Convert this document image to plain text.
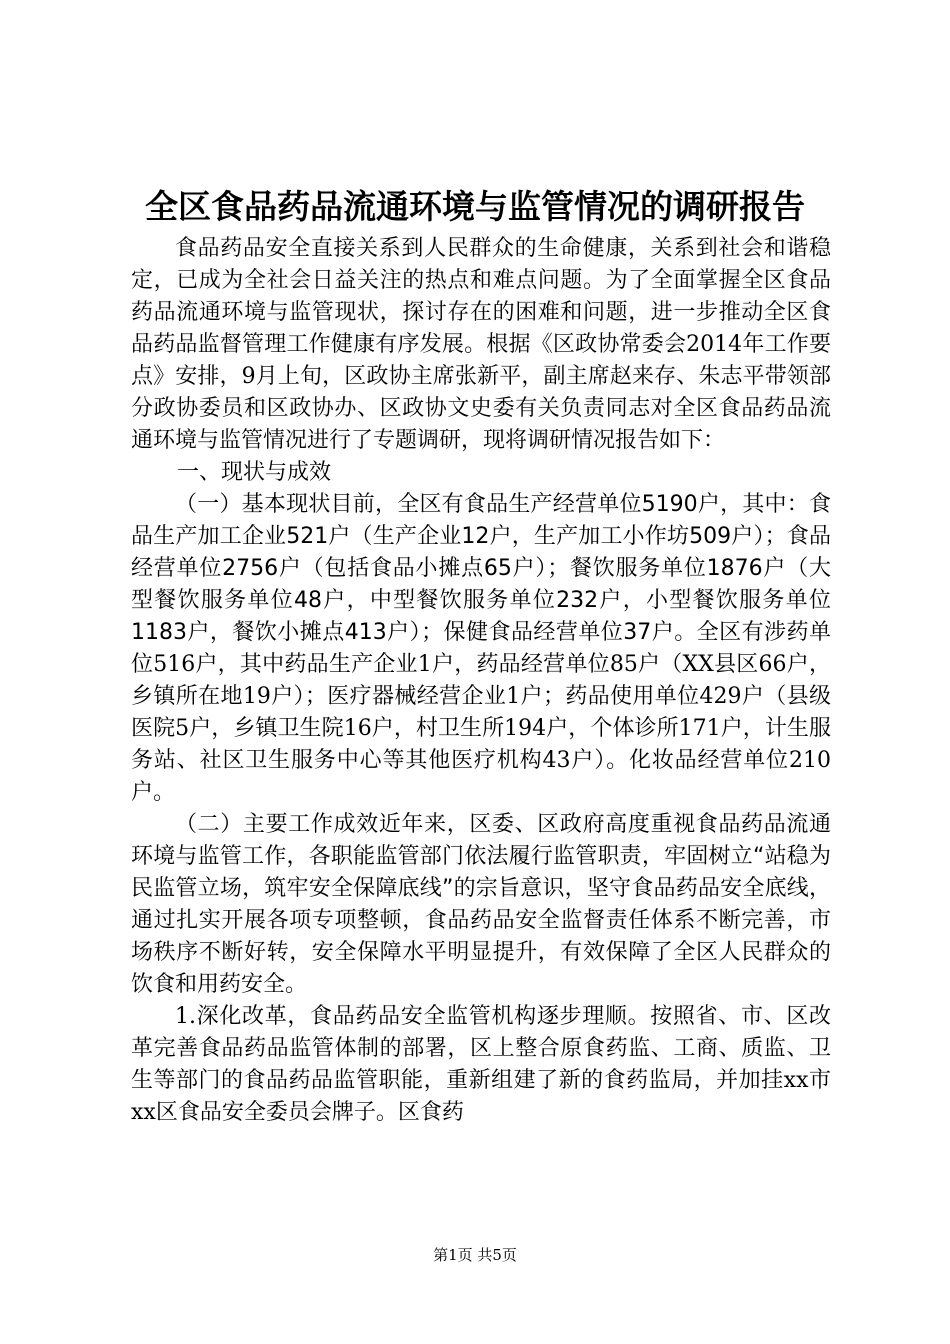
全区食品药品流通环境与监管情况的调研报告

食品药品安全直接关系到人民群众的生命健康，关系到社会和谐稳定，已成为全社会日益关注的热点和难点问题。为了全面掌握全区食品药品流通环境与监管现状，探讨存在的困难和问题，进一步推动全区食品药品监督管理工作健康有序发展。根据《区政协常委会2014年工作要点》安排，9月上旬，区政协主席张新平，副主席赵来存、朱志平带领部分政协委员和区政协办、区政协文史委有关负责同志对全区食品药品流通环境与监管情况进行了专题调研，现将调研情况报告如下：

一、现状与成效

（一）基本现状目前，全区有食品生产经营单位5190户，其中：食品生产加工企业521户（生产企业12户，生产加工小作坊509户）；食品经营单位2756户（包括食品小摊点65户）；餐饮服务单位1876户（大型餐饮服务单位48户，中型餐饮服务单位232户，小型餐饮服务单位1183户，餐饮小摊点413户）；保健食品经营单位37户。全区有涉药单位516户，其中药品生产企业1户，药品经营单位85户（XX县区66户，乡镇所在地19户）；医疗器械经营企业1户；药品使用单位429户（县级医院5户，乡镇卫生院16户，村卫生所194户，个体诊所171户，计生服务站、社区卫生服务中心等其他医疗机构43户）。化妆品经营单位210户。

（二）主要工作成效近年来，区委、区政府高度重视食品药品流通环境与监管工作，各职能监管部门依法履行监管职责，牢固树立“站稳为民监管立场，筑牢安全保障底线”的宗旨意识，坚守食品药品安全底线，通过扎实开展各项专项整顿，食品药品安全监督责任体系不断完善，市场秩序不断好转，安全保障水平明显提升，有效保障了全区人民群众的饮食和用药安全。

1.深化改革，食品药品安全监管机构逐步理顺。按照省、市、区改革完善食品药品监管体制的部署，区上整合原食药监、工商、质监、卫生等部门的食品药品监管职能，重新组建了新的食药监局，并加挂xx市xx区食品安全委员会牌子。区食药

第1页 共5页
